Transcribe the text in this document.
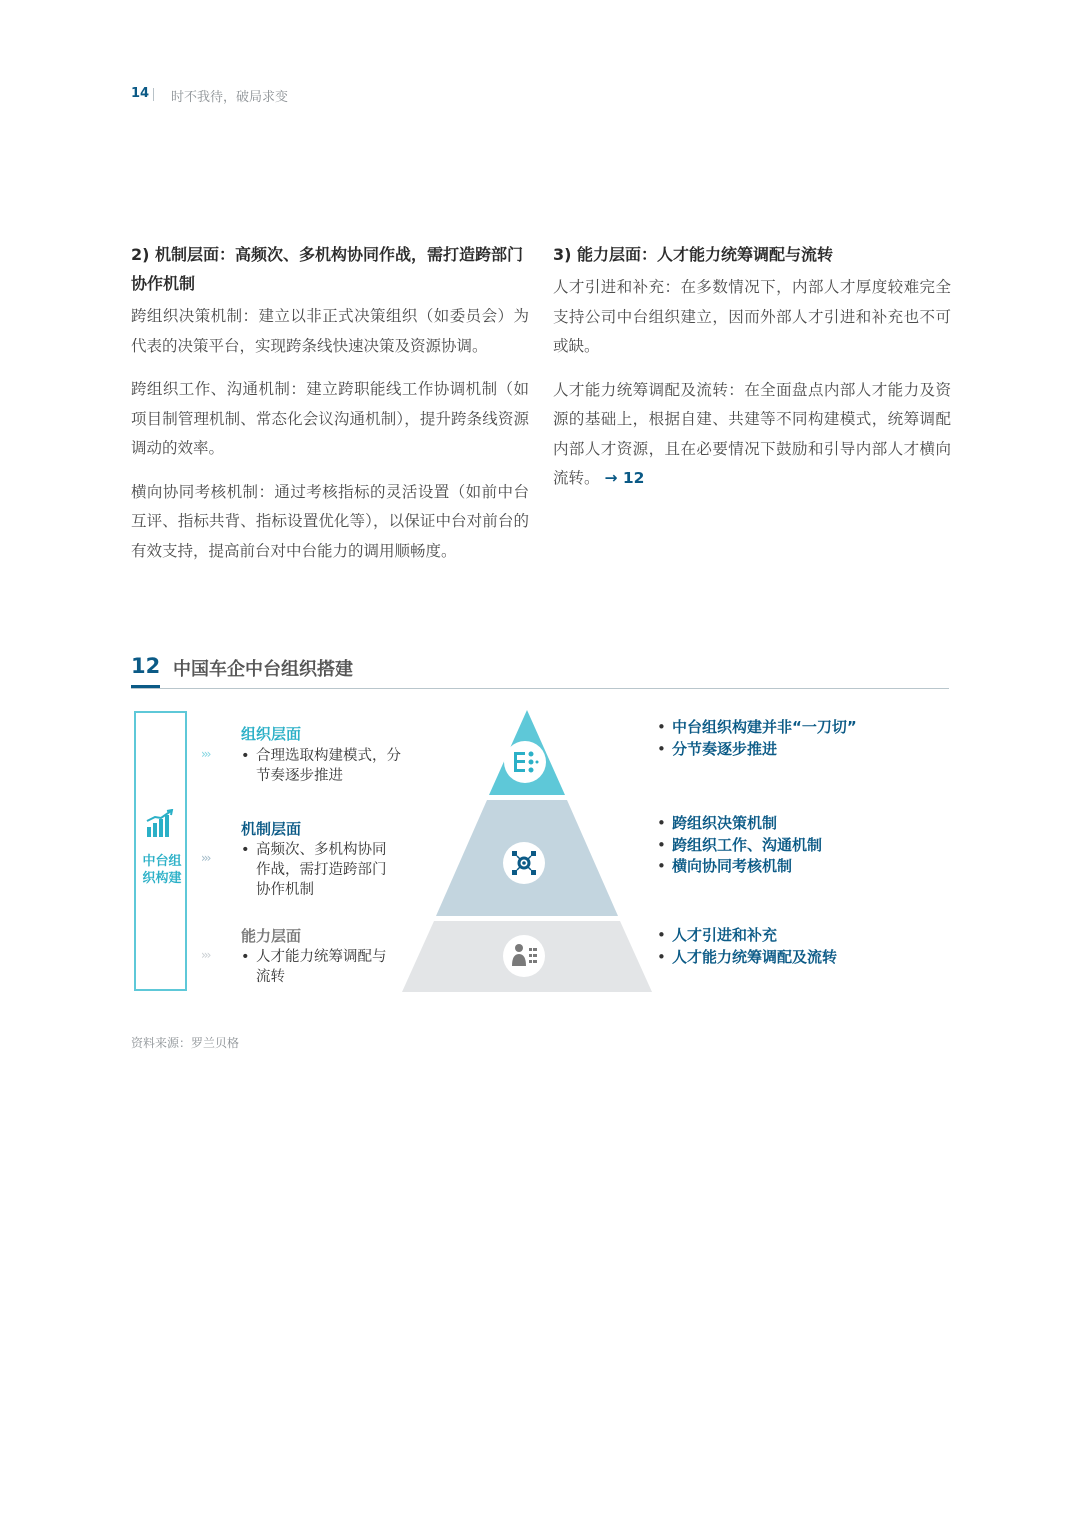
14 时不我待，破局求变

2) 机制层面：高频次、多机构协同作战，需打造跨部门协作机制

跨组织决策机制：建立以非正式决策组织（如委员会）为代表的决策平台，实现跨条线快速决策及资源协调。

跨组织工作、沟通机制：建立跨职能线工作协调机制（如项目制管理机制、常态化会议沟通机制），提升跨条线资源调动的效率。

横向协同考核机制：通过考核指标的灵活设置（如前中台互评、指标共背、指标设置优化等），以保证中台对前台的有效支持，提高前台对中台能力的调用顺畅度。

3) 能力层面：人才能力统筹调配与流转

人才引进和补充：在多数情况下，内部人才厚度较难完全支持公司中台组织建立，因而外部人才引进和补充也不可或缺。

人才能力统筹调配及流转：在全面盘点内部人才能力及资源的基础上，根据自建、共建等不同构建模式，统筹调配内部人才资源，且在必要情况下鼓励和引导内部人才横向流转。 → 12

12 中国车企中台组织搭建
中台组织构建
›››
›››
›››
组织层面
• 合理选取构建模式，分节奏逐步推进
机制层面
• 高频次、多机构协同作战，需打造跨部门协作机制
能力层面
• 人才能力统筹调配与流转
• 中台组织构建并非“一刀切”
• 分节奏逐步推进
• 跨组织决策机制
• 跨组织工作、沟通机制
• 横向协同考核机制
• 人才引进和补充
• 人才能力统筹调配及流转
资料来源：罗兰贝格
